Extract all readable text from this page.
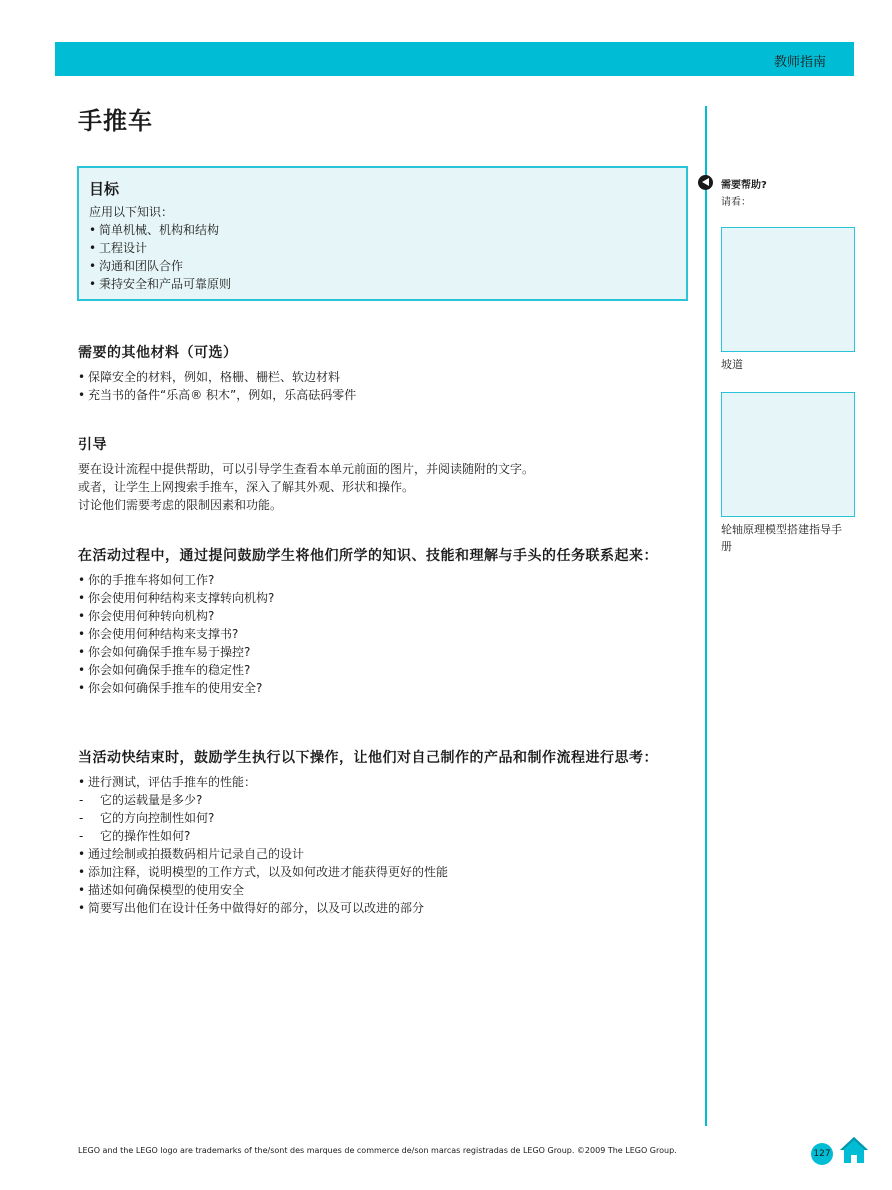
教师指南
手推车
目标
应用以下知识：
• 简单机械、机构和结构
• 工程设计
• 沟通和团队合作
• 秉持安全和产品可靠原则
需要的其他材料（可选）
• 保障安全的材料，例如，格栅、栅栏、软边材料
• 充当书的备件“乐高® 积木”，例如，乐高砝码零件
引导
要在设计流程中提供帮助，可以引导学生查看本单元前面的图片，并阅读随附的文字。
或者，让学生上网搜索手推车，深入了解其外观、形状和操作。
讨论他们需要考虑的限制因素和功能。
在活动过程中，通过提问鼓励学生将他们所学的知识、技能和理解与手头的任务联系起来：
• 你的手推车将如何工作?
• 你会使用何种结构来支撑转向机构?
• 你会使用何种转向机构?
• 你会使用何种结构来支撑书?
• 你会如何确保手推车易于操控?
• 你会如何确保手推车的稳定性?
• 你会如何确保手推车的使用安全?
当活动快结束时，鼓励学生执行以下操作，让他们对自己制作的产品和制作流程进行思考：
• 进行测试，评估手推车的性能：
- 它的运载量是多少?
- 它的方向控制性如何?
- 它的操作性如何?
• 通过绘制或拍摄数码相片记录自己的设计
• 添加注释，说明模型的工作方式，以及如何改进才能获得更好的性能
• 描述如何确保模型的使用安全
• 简要写出他们在设计任务中做得好的部分，以及可以改进的部分
需要帮助?
请看：
坡道
轮轴原理模型搭建指导手册
LEGO and the LEGO logo are trademarks of the/sont des marques de commerce de/son marcas registradas de LEGO Group. ©2009 The LEGO Group.	127
